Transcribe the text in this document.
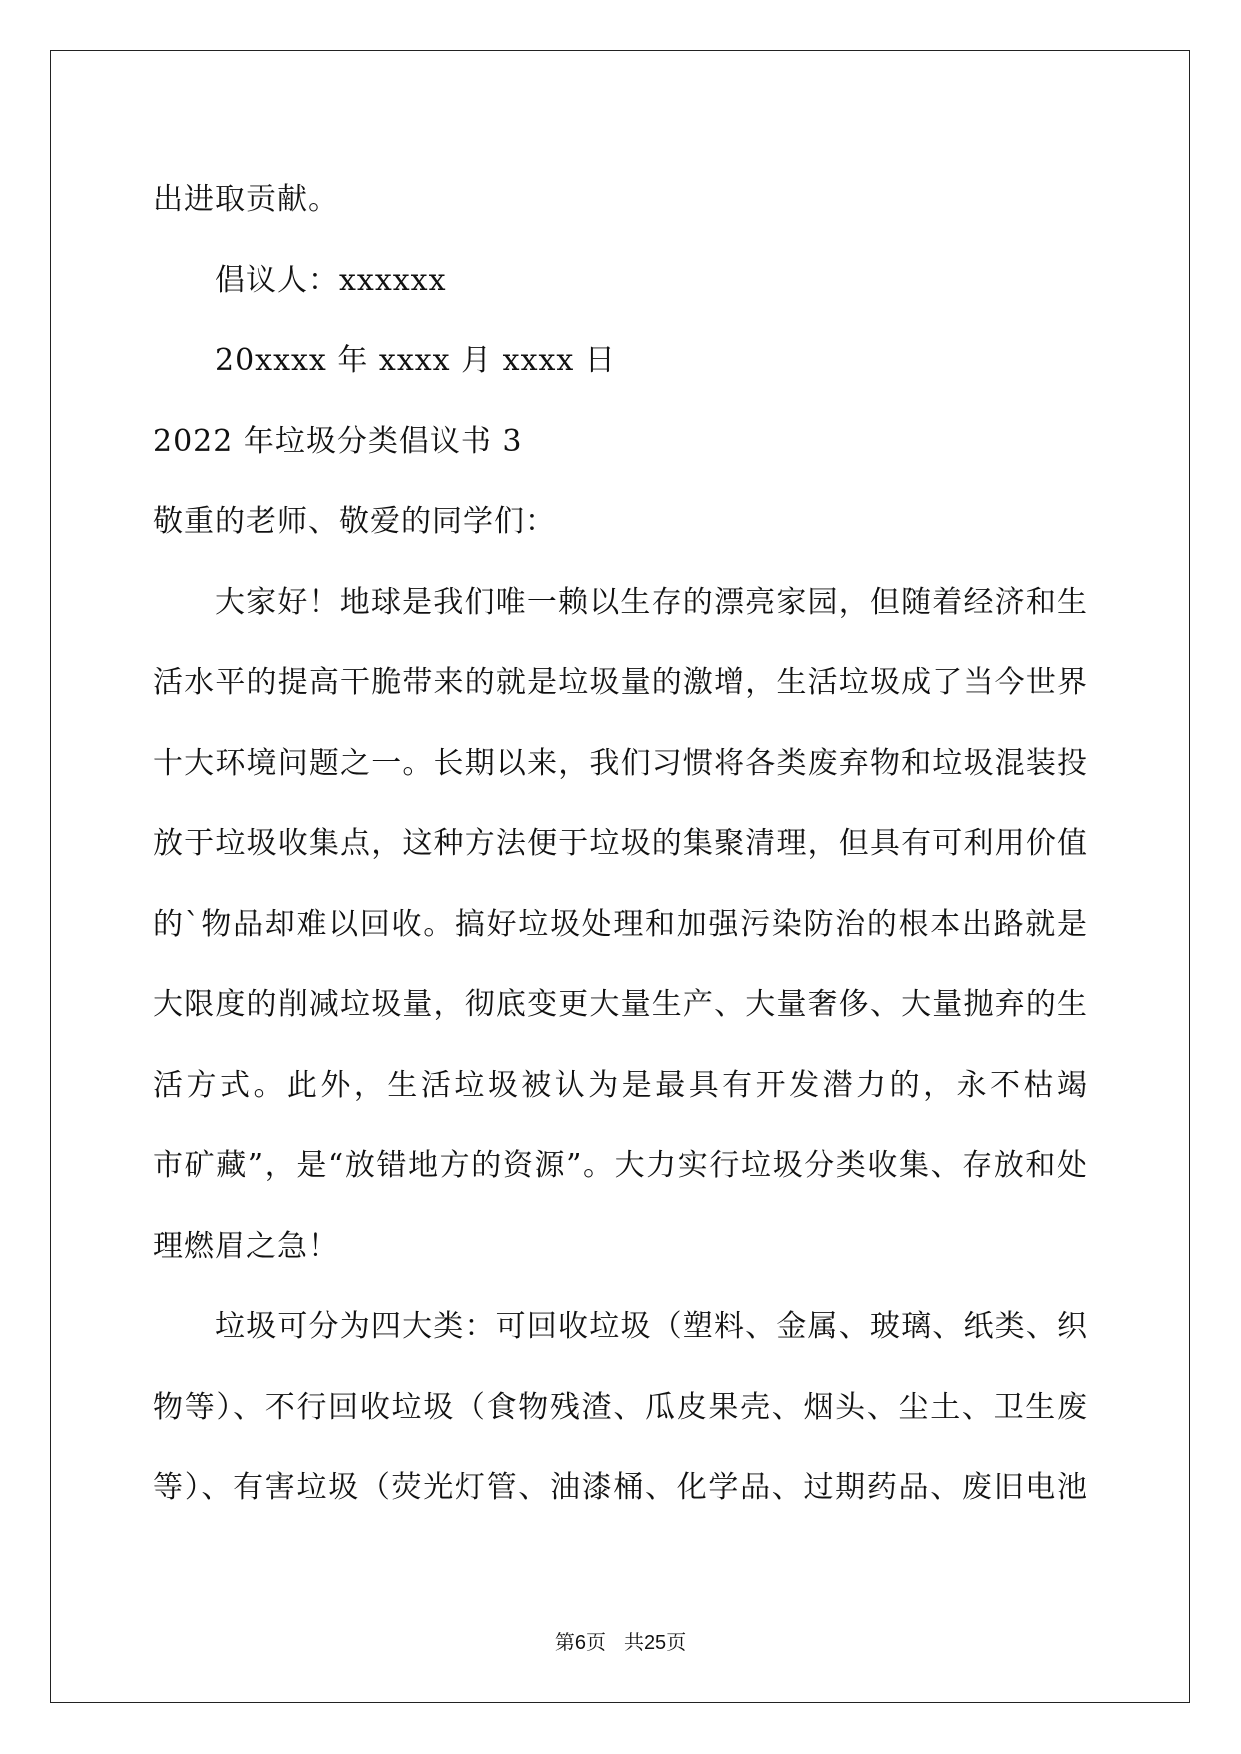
出进取贡献。
倡议人：xxxxxx
20xxxx 年 xxxx 月 xxxx 日
2022 年垃圾分类倡议书 3
敬重的老师、敬爱的同学们：
大家好！地球是我们唯一赖以生存的漂亮家园，但随着经济和生
活水平的提高干脆带来的就是垃圾量的激增，生活垃圾成了当今世界
十大环境问题之一。长期以来，我们习惯将各类废弃物和垃圾混装投
放于垃圾收集点，这种方法便于垃圾的集聚清理，但具有可利用价值
的`物品却难以回收。搞好垃圾处理和加强污染防治的根本出路就是
大限度的削减垃圾量，彻底变更大量生产、大量奢侈、大量抛弃的生
活方式。此外，生活垃圾被认为是最具有开发潜力的，永不枯竭
市矿藏”，是“放错地方的资源”。大力实行垃圾分类收集、存放和处
理燃眉之急！
垃圾可分为四大类：可回收垃圾（塑料、金属、玻璃、纸类、织
物等）、不行回收垃圾（食物残渣、瓜皮果壳、烟头、尘土、卫生废
等）、有害垃圾（荧光灯管、油漆桶、化学品、过期药品、废旧电池
第6页 共25页
